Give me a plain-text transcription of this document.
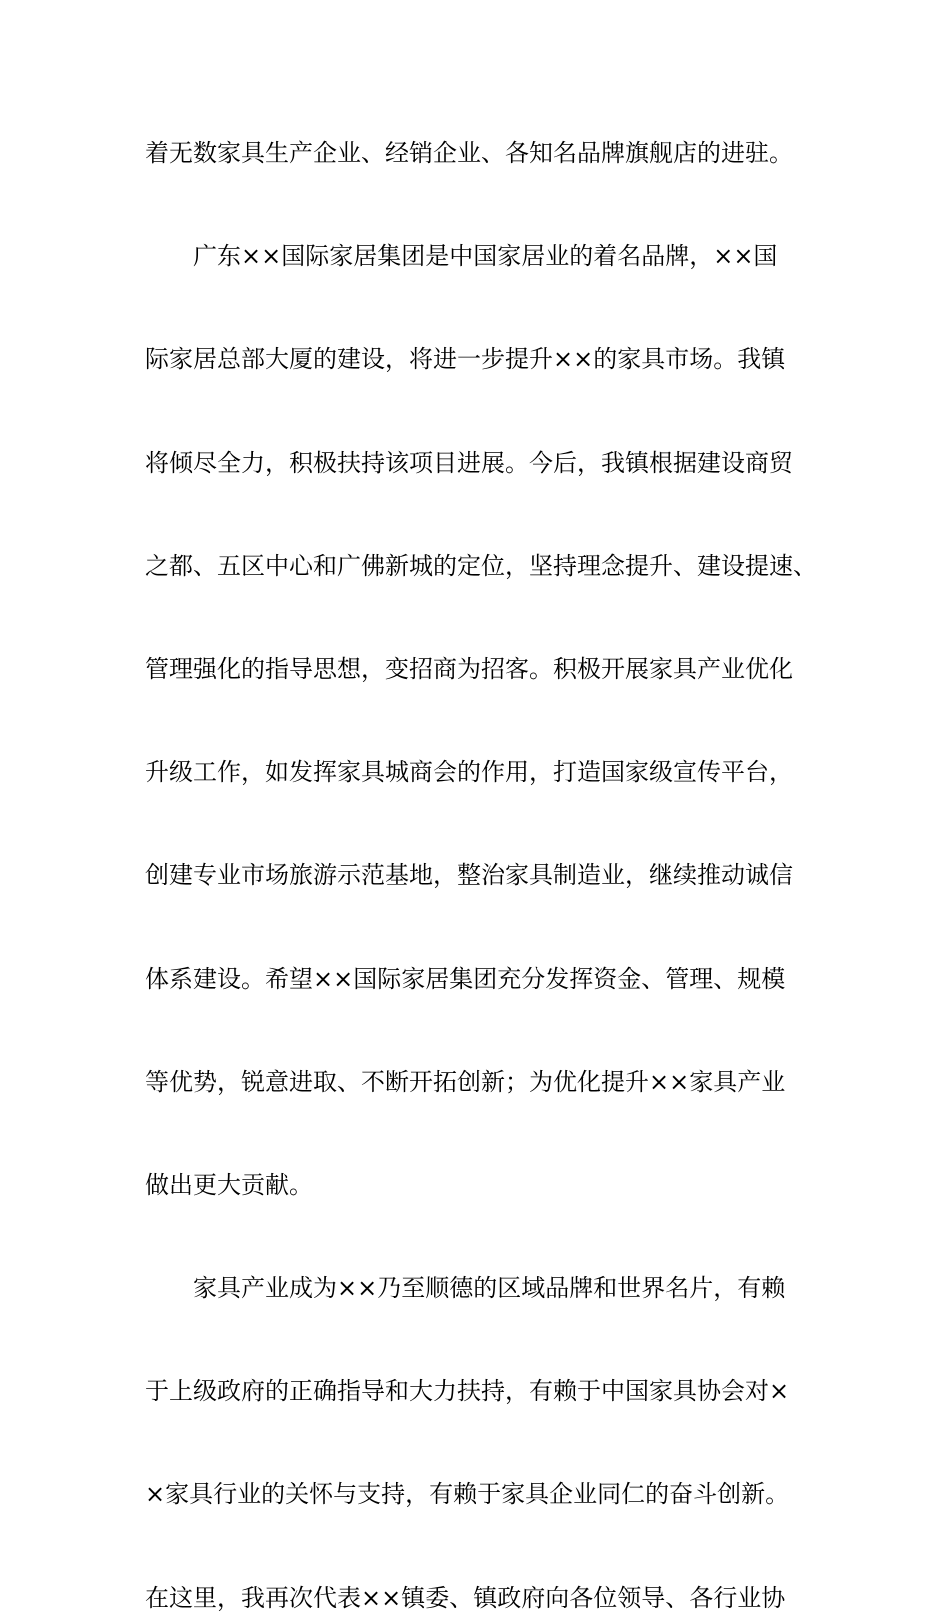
着无数家具生产企业、经销企业、各知名品牌旗舰店的进驻。
广东××国际家居集团是中国家居业的着名品牌，××国
际家居总部大厦的建设，将进一步提升××的家具市场。我镇
将倾尽全力，积极扶持该项目进展。今后，我镇根据建设商贸
之都、五区中心和广佛新城的定位，坚持理念提升、建设提速、
管理强化的指导思想，变招商为招客。积极开展家具产业优化
升级工作，如发挥家具城商会的作用，打造国家级宣传平台，
创建专业市场旅游示范基地，整治家具制造业，继续推动诚信
体系建设。希望××国际家居集团充分发挥资金、管理、规模
等优势，锐意进取、不断开拓创新；为优化提升××家具产业
做出更大贡献。
家具产业成为××乃至顺德的区域品牌和世界名片，有赖
于上级政府的正确指导和大力扶持，有赖于中国家具协会对×
×家具行业的关怀与支持，有赖于家具企业同仁的奋斗创新。
在这里，我再次代表××镇委、镇政府向各位领导、各行业协
